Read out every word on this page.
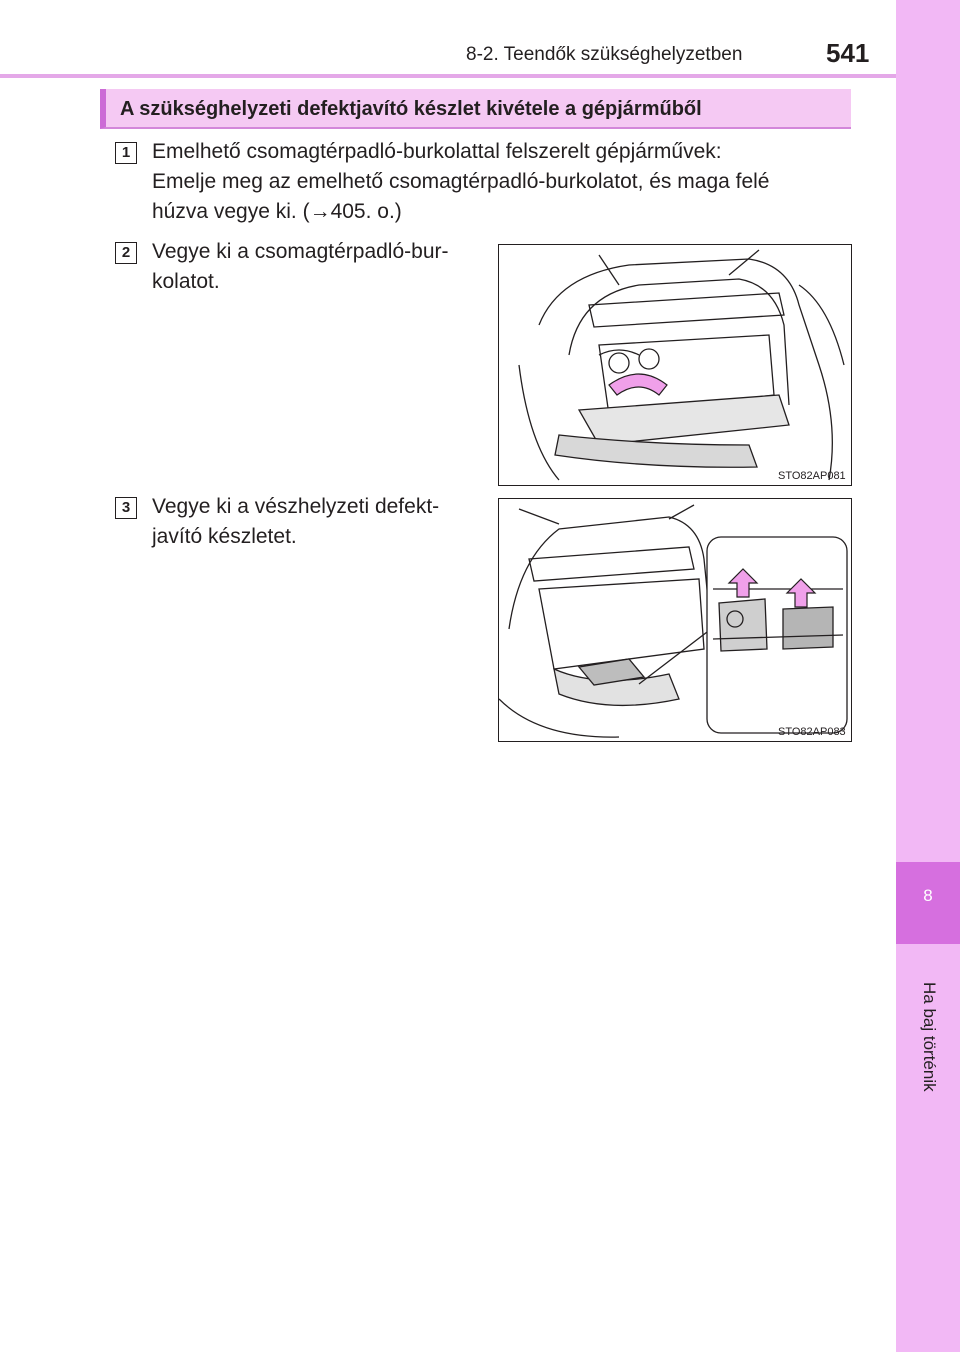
8-2. Teendők szükséghelyzetben	541
8
Ha baj történik
A szükséghelyzeti defektjavító készlet kivétele a gépjárműből
1	Emelhető csomagtérpadló-burkolattal felszerelt gépjárművek:
Emelje meg az emelhető csomagtérpadló-burkolatot, és maga felé
húzva vegye ki. (→405. o.)
2	Vegye ki a csomagtérpadló-bur-
kolatot.
STO82AP081
3	Vegye ki a vészhelyzeti defekt-
javító készletet.
STO82AP083
